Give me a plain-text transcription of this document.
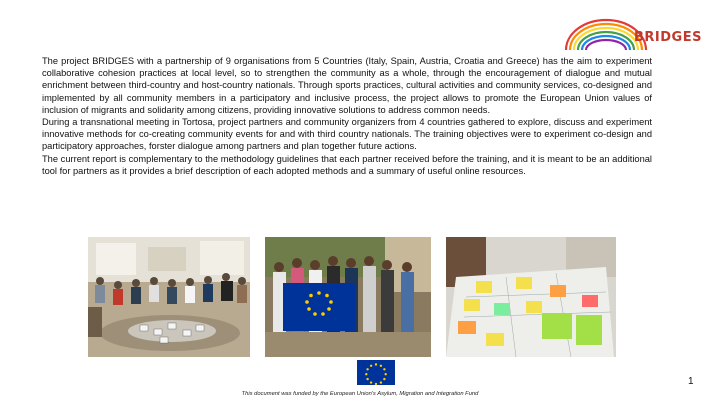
BRIDGES

The project BRIDGES with a partnership of 9 organisations from 5 Countries (Italy, Spain, Austria, Croatia and Greece) has the aim to experiment collaborative cohesion practices at local level, so to strengthen the community as a whole, through the encouragement of dialogue and mutual enrichment between third-country and host-country nationals. Through sports practices, cultural activities and community services, co-designed and implemented by all community members in a participatory and inclusive process, the project allows to promote the European Union values of inclusion of migrants and solidarity among citizens, providing innovative solutions to address common needs.

During a transnational meeting in Tortosa, project partners and community organizers from 4 countries gathered to explore, discuss and experiment innovative methods for co-creating community events for and with third country nationals. The training objectives were to experiment co-design and participatory approaches, forster dialogue among partners and plan together future actions.

The current report is complementary to the methodology guidelines that each partner received before the training, and it is meant to be an additional tool for partners as it provides a brief description of each adopted methods and a summary of useful online resources.

This document was funded by the European Union's Asylum, Migration and Integration Fund
1
